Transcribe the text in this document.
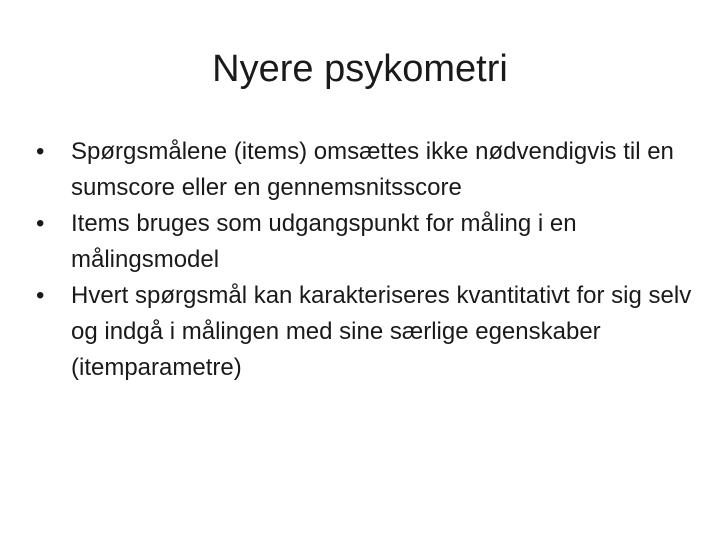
Nyere psykometri
•	Spørgsmålene (items) omsættes ikke nødvendigvis til en sumscore eller en gennemsnitsscore
•	Items bruges som udgangspunkt for måling i en målingsmodel
•	Hvert spørgsmål kan karakteriseres kvantitativt for sig selv og indgå i målingen med sine særlige egenskaber (itemparametre)
